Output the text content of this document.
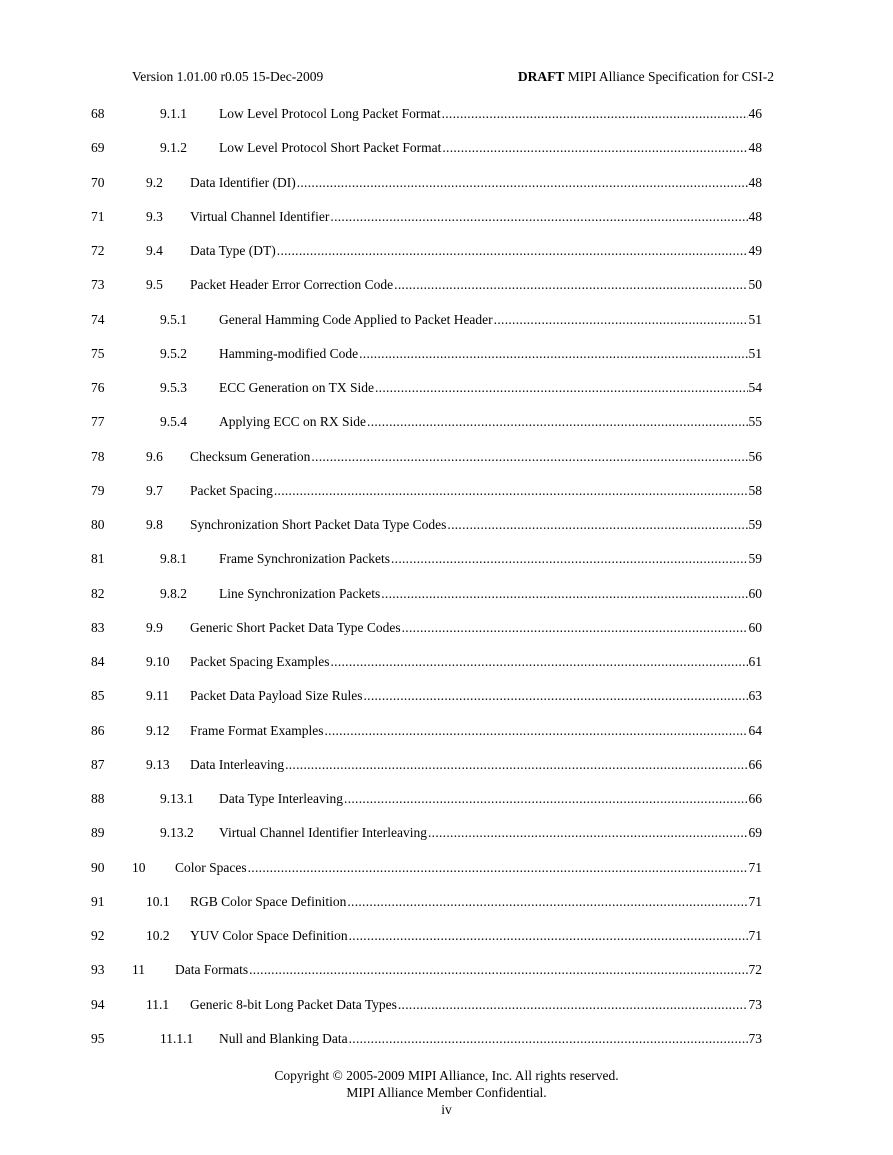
Version 1.01.00 r0.05 15-Dec-2009	DRAFT MIPI Alliance Specification for CSI-2
68	9.1.1 Low Level Protocol Long Packet Format .....	46
69	9.1.2 Low Level Protocol Short Packet Format .....	48
70	9.2 Data Identifier (DI) .....	48
71	9.3 Virtual Channel Identifier .....	48
72	9.4 Data Type (DT) .....	49
73	9.5 Packet Header Error Correction Code .....	50
74	9.5.1 General Hamming Code Applied to Packet Header .....	51
75	9.5.2 Hamming-modified Code .....	51
76	9.5.3 ECC Generation on TX Side .....	54
77	9.5.4 Applying ECC on RX Side .....	55
78	9.6 Checksum Generation .....	56
79	9.7 Packet Spacing .....	58
80	9.8 Synchronization Short Packet Data Type Codes .....	59
81	9.8.1 Frame Synchronization Packets .....	59
82	9.8.2 Line Synchronization Packets .....	60
83	9.9 Generic Short Packet Data Type Codes .....	60
84	9.10 Packet Spacing Examples .....	61
85	9.11 Packet Data Payload Size Rules .....	63
86	9.12 Frame Format Examples .....	64
87	9.13 Data Interleaving .....	66
88	9.13.1 Data Type Interleaving .....	66
89	9.13.2 Virtual Channel Identifier Interleaving .....	69
90	10 Color Spaces .....	71
91	10.1 RGB Color Space Definition .....	71
92	10.2 YUV Color Space Definition .....	71
93	11 Data Formats .....	72
94	11.1 Generic 8-bit Long Packet Data Types .....	73
95	11.1.1 Null and Blanking Data .....	73
Copyright © 2005-2009 MIPI Alliance, Inc. All rights reserved.
MIPI Alliance Member Confidential.
iv
